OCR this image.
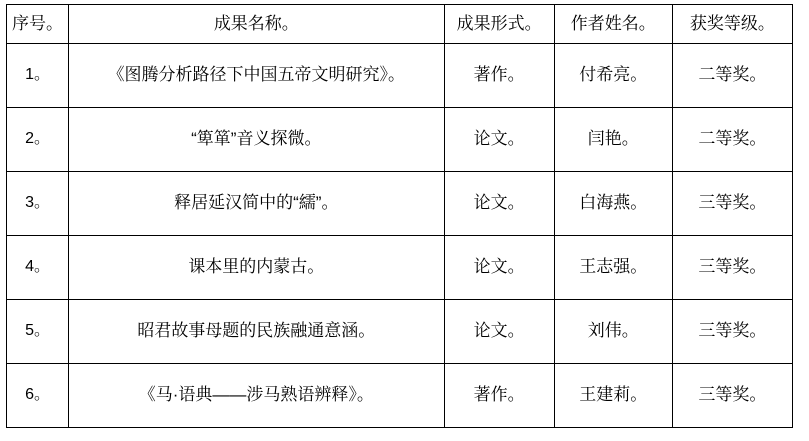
序号。	成果名称。	成果形式。	作者姓名。	获奖等级。

1。	《图腾分析路径下中国五帝文明研究》。	著作。	付希亮。	二等奖。

2。	“箄箪”音义探微。	论文。	闫艳。	二等奖。

3。	释居延汉简中的“繻”。	论文。	白海燕。	三等奖。

4。	课本里的内蒙古。	论文。	王志强。	三等奖。

5。	昭君故事母题的民族融通意涵。	论文。	刘伟。	三等奖。

6。	《马·语典——涉马熟语辨释》。	著作。	王建莉。	三等奖。
